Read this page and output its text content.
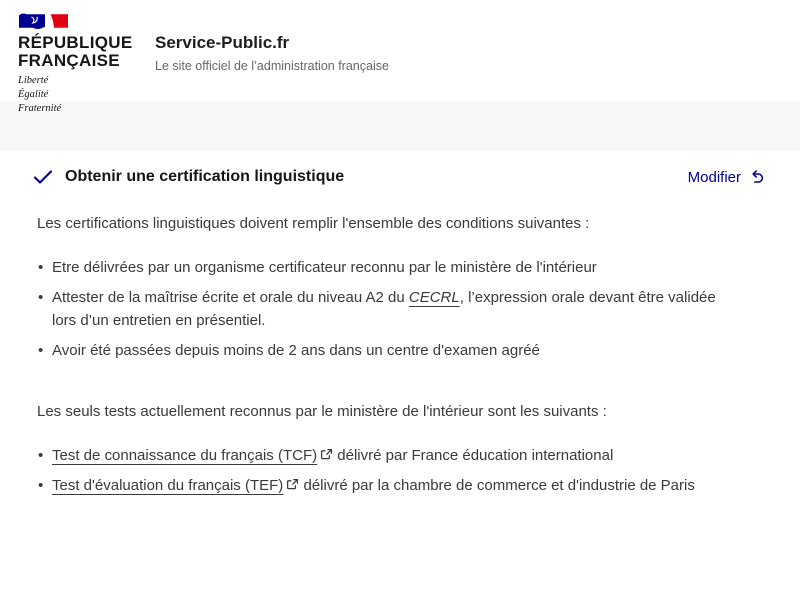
RÉPUBLIQUE
FRANÇAISE
Liberté
Égalité
Fraternité
Service-Public.fr
Le site officiel de l’administration française
Obtenir une certification linguistique	Modifier

Les certifications linguistiques doivent remplir l'ensemble des conditions suivantes :

• Etre délivrées par un organisme certificateur reconnu par le ministère de l'intérieur
• Attester de la maîtrise écrite et orale du niveau A2 du CECRL, l’expression orale devant être validée lors d’un entretien en présentiel.
• Avoir été passées depuis moins de 2 ans dans un centre d'examen agréé

Les seuls tests actuellement reconnus par le ministère de l'intérieur sont les suivants :

• Test de connaissance du français (TCF) délivré par France éducation international
• Test d'évaluation du français (TEF) délivré par la chambre de commerce et d'industrie de Paris
